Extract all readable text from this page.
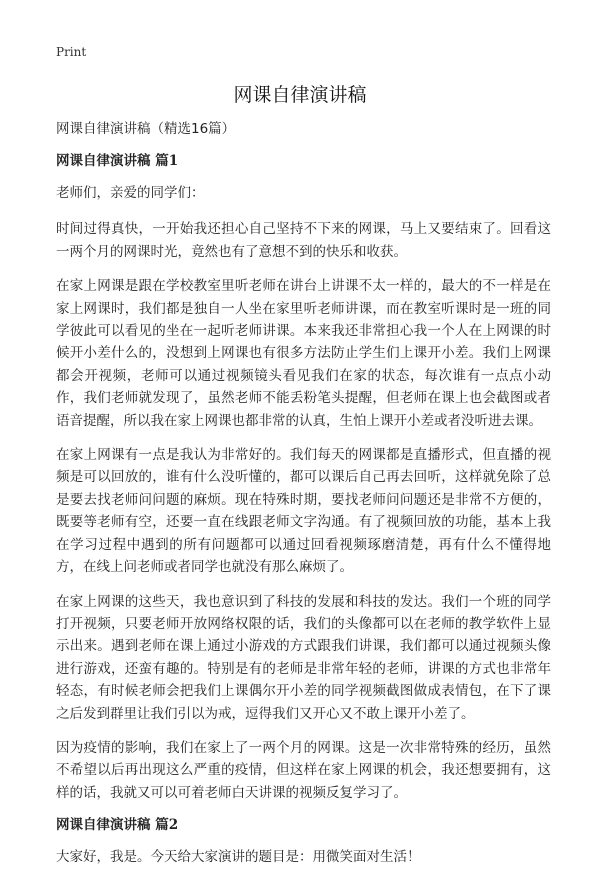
Print
网课自律演讲稿

网课自律演讲稿（精选16篇）

网课自律演讲稿 篇1

老师们，亲爱的同学们：

时间过得真快，一开始我还担心自己坚持不下来的网课，马上又要结束了。回看这一两个月的网课时光，竟然也有了意想不到的快乐和收获。

在家上网课是跟在学校教室里听老师在讲台上讲课不太一样的，最大的不一样是在家上网课时，我们都是独自一人坐在家里听老师讲课，而在教室听课时是一班的同学彼此可以看见的坐在一起听老师讲课。本来我还非常担心我一个人在上网课的时候开小差什么的，没想到上网课也有很多方法防止学生们上课开小差。我们上网课都会开视频，老师可以通过视频镜头看见我们在家的状态，每次谁有一点点小动作，我们老师就发现了，虽然老师不能丢粉笔头提醒，但老师在课上也会截图或者语音提醒，所以我在家上网课也都非常的认真，生怕上课开小差或者没听进去课。

在家上网课有一点是我认为非常好的。我们每天的网课都是直播形式，但直播的视频是可以回放的，谁有什么没听懂的，都可以课后自己再去回听，这样就免除了总是要去找老师问问题的麻烦。现在特殊时期，要找老师问问题还是非常不方便的，既要等老师有空，还要一直在线跟老师文字沟通。有了视频回放的功能，基本上我在学习过程中遇到的所有问题都可以通过回看视频琢磨清楚，再有什么不懂得地方，在线上问老师或者同学也就没有那么麻烦了。

在家上网课的这些天，我也意识到了科技的发展和科技的发达。我们一个班的同学打开视频，只要老师开放网络权限的话，我们的头像都可以在老师的教学软件上显示出来。遇到老师在课上通过小游戏的方式跟我们讲课，我们都可以通过视频头像进行游戏，还蛮有趣的。特别是有的老师是非常年轻的老师，讲课的方式也非常年轻态，有时候老师会把我们上课偶尔开小差的同学视频截图做成表情包，在下了课之后发到群里让我们引以为戒，逗得我们又开心又不敢上课开小差了。

因为疫情的影响，我们在家上了一两个月的网课。这是一次非常特殊的经历，虽然不希望以后再出现这么严重的疫情，但这样在家上网课的机会，我还想要拥有，这样的话，我就又可以可着老师白天讲课的视频反复学习了。

网课自律演讲稿 篇2

大家好，我是。今天给大家演讲的题目是：用微笑面对生活！
